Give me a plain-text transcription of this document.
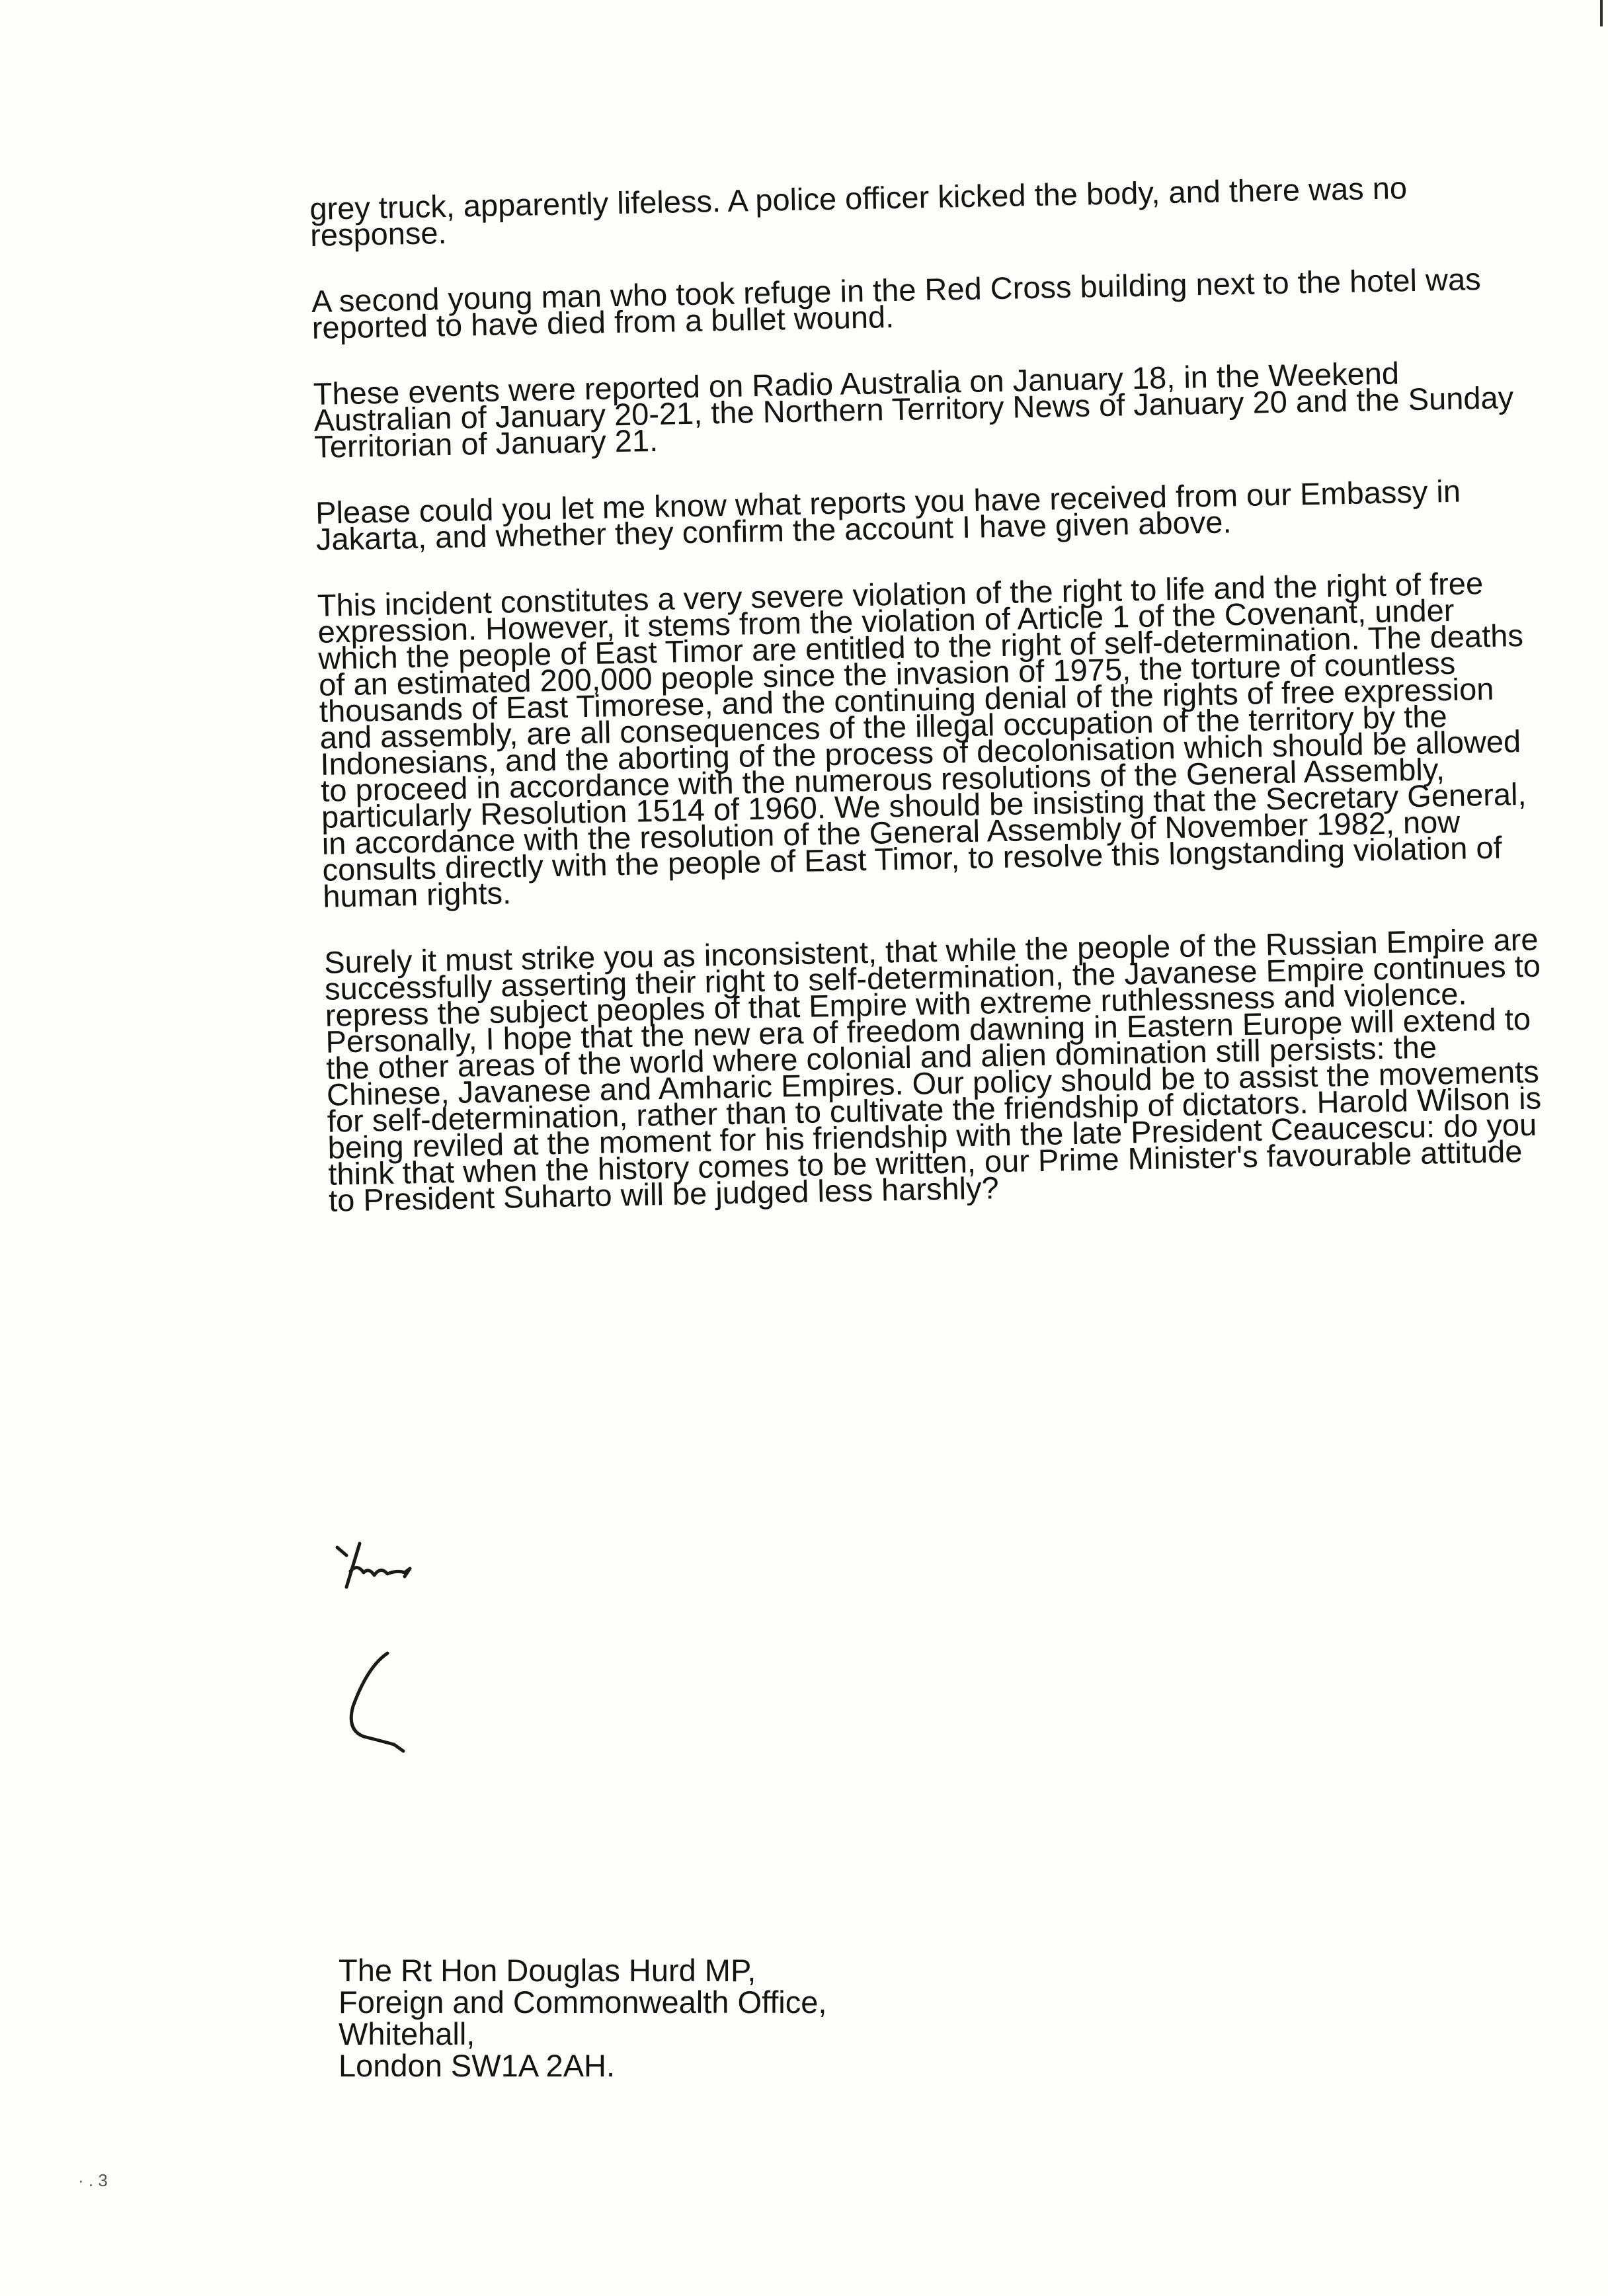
grey truck, apparently lifeless. A police officer kicked the body, and there was no response.

A second young man who took refuge in the Red Cross building next to the hotel was reported to have died from a bullet wound.

These events were reported on Radio Australia on January 18, in the Weekend Australian of January 20-21, the Northern Territory News of January 20 and the Sunday Territorian of January 21.

Please could you let me know what reports you have received from our Embassy in Jakarta, and whether they confirm the account I have given above.

This incident constitutes a very severe violation of the right to life and the right of free expression. However, it stems from the violation of Article 1 of the Covenant, under which the people of East Timor are entitled to the right of self-determination. The deaths of an estimated 200,000 people since the invasion of 1975, the torture of countless thousands of East Timorese, and the continuing denial of the rights of free expression and assembly, are all consequences of the illegal occupation of the territory by the Indonesians, and the aborting of the process of decolonisation which should be allowed to proceed in accordance with the numerous resolutions of the General Assembly, particularly Resolution 1514 of 1960. We should be insisting that the Secretary General, in accordance with the resolution of the General Assembly of November 1982, now consults directly with the people of East Timor, to resolve this longstanding violation of human rights.

Surely it must strike you as inconsistent, that while the people of the Russian Empire are successfully asserting their right to self-determination, the Javanese Empire continues to repress the subject peoples of that Empire with extreme ruthlessness and violence. Personally, I hope that the new era of freedom dawning in Eastern Europe will extend to the other areas of the world where colonial and alien domination still persists: the Chinese, Javanese and Amharic Empires. Our policy should be to assist the movements for self-determination, rather than to cultivate the friendship of dictators. Harold Wilson is being reviled at the moment for his friendship with the late President Ceaucescu: do you think that when the history comes to be written, our Prime Minister's favourable attitude to President Suharto will be judged less harshly?

The Rt Hon Douglas Hurd MP,
Foreign and Commonwealth Office,
Whitehall,
London SW1A 2AH.
· . 3
